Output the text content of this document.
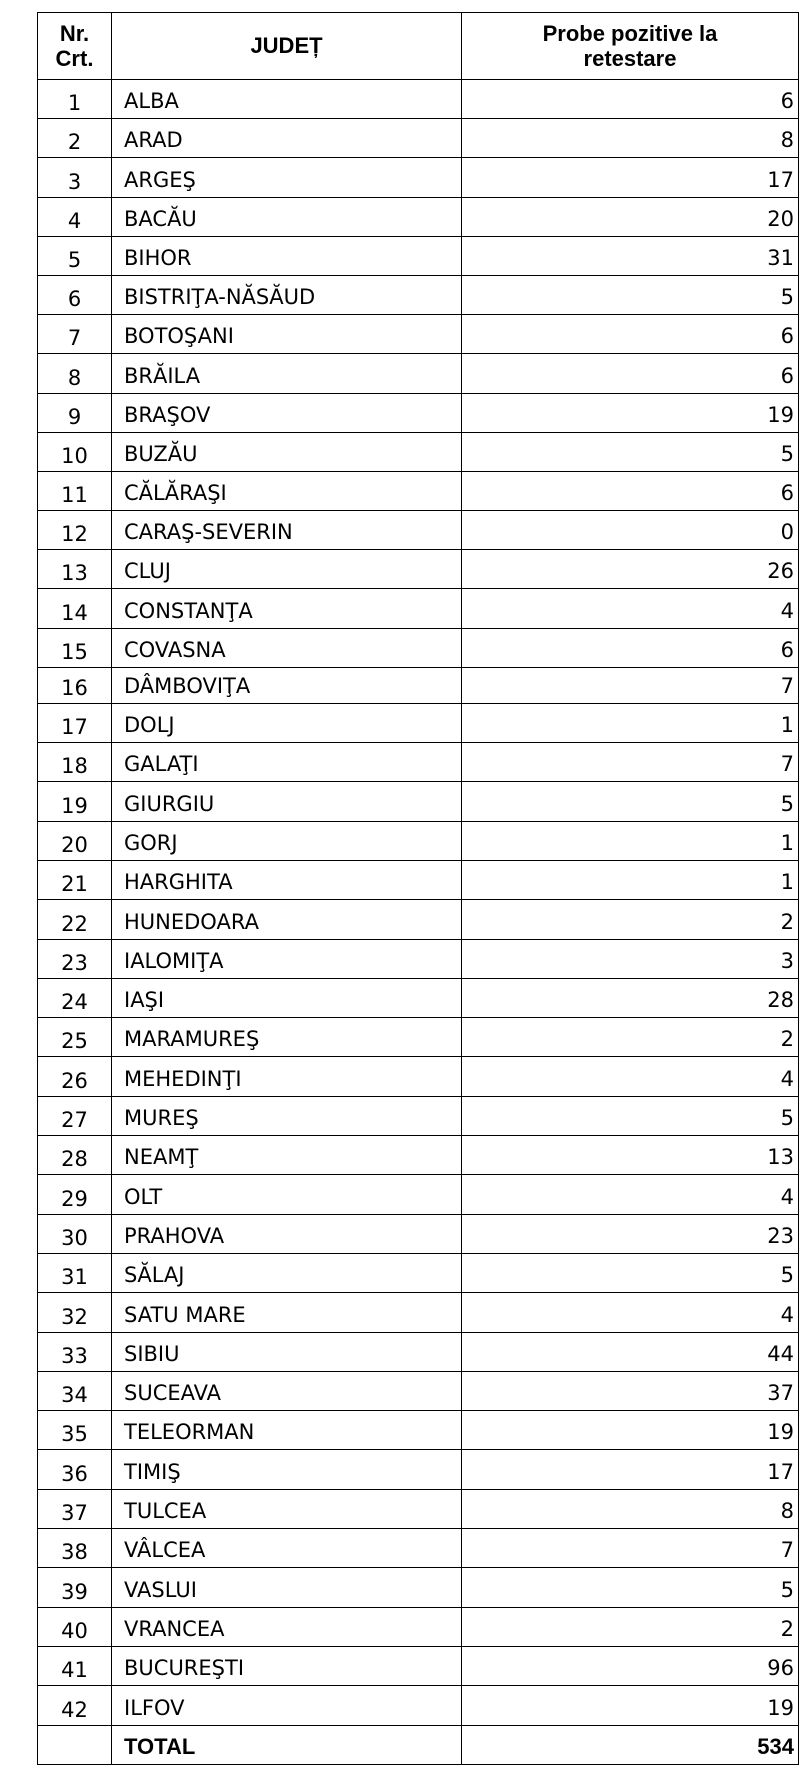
Nr. Crt.	JUDEȚ	Probe pozitive la retestare
1	ALBA	6
2	ARAD	8
3	ARGEŞ	17
4	BACĂU	20
5	BIHOR	31
6	BISTRIŢA-NĂSĂUD	5
7	BOTOŞANI	6
8	BRĂILA	6
9	BRAŞOV	19
10	BUZĂU	5
11	CĂLĂRAŞI	6
12	CARAŞ-SEVERIN	0
13	CLUJ	26
14	CONSTANŢA	4
15	COVASNA	6
16	DÂMBOVIŢA	7
17	DOLJ	1
18	GALAŢI	7
19	GIURGIU	5
20	GORJ	1
21	HARGHITA	1
22	HUNEDOARA	2
23	IALOMIŢA	3
24	IAŞI	28
25	MARAMUREŞ	2
26	MEHEDINŢI	4
27	MUREŞ	5
28	NEAMŢ	13
29	OLT	4
30	PRAHOVA	23
31	SĂLAJ	5
32	SATU MARE	4
33	SIBIU	44
34	SUCEAVA	37
35	TELEORMAN	19
36	TIMIŞ	17
37	TULCEA	8
38	VÂLCEA	7
39	VASLUI	5
40	VRANCEA	2
41	BUCUREŞTI	96
42	ILFOV	19
	TOTAL	534
